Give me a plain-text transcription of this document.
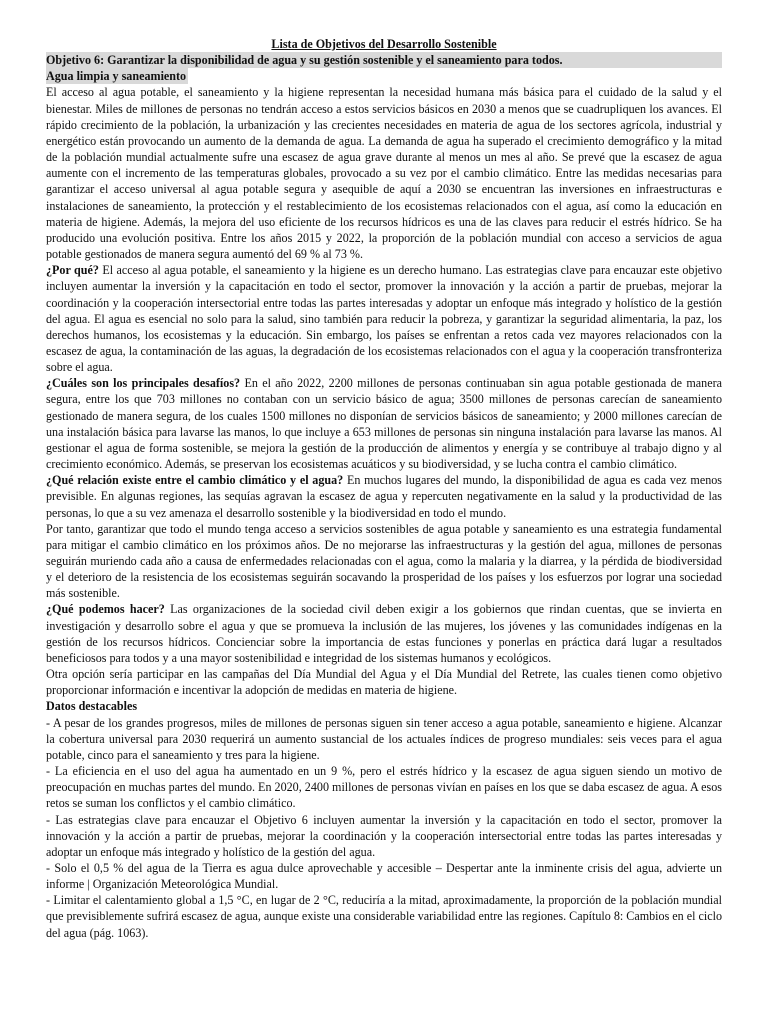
Lista de Objetivos del Desarrollo Sostenible

Objetivo 6: Garantizar la disponibilidad de agua y su gestión sostenible y el saneamiento para todos.

Agua limpia y saneamiento

El acceso al agua potable, el saneamiento y la higiene representan la necesidad humana más básica para el cuidado de la salud y el bienestar. Miles de millones de personas no tendrán acceso a estos servicios básicos en 2030 a menos que se cuadrupliquen los avances. El rápido crecimiento de la población, la urbanización y las crecientes necesidades en materia de agua de los sectores agrícola, industrial y energético están provocando un aumento de la demanda de agua. La demanda de agua ha superado el crecimiento demográfico y la mitad de la población mundial actualmente sufre una escasez de agua grave durante al menos un mes al año. Se prevé que la escasez de agua aumente con el incremento de las temperaturas globales, provocado a su vez por el cambio climático. Entre las medidas necesarias para garantizar el acceso universal al agua potable segura y asequible de aquí a 2030 se encuentran las inversiones en infraestructuras e instalaciones de saneamiento, la protección y el restablecimiento de los ecosistemas relacionados con el agua, así como la educación en materia de higiene. Además, la mejora del uso eficiente de los recursos hídricos es una de las claves para reducir el estrés hídrico. Se ha producido una evolución positiva. Entre los años 2015 y 2022, la proporción de la población mundial con acceso a servicios de agua potable gestionados de manera segura aumentó del 69 % al 73 %.

¿Por qué? El acceso al agua potable, el saneamiento y la higiene es un derecho humano. Las estrategias clave para encauzar este objetivo incluyen aumentar la inversión y la capacitación en todo el sector, promover la innovación y la acción a partir de pruebas, mejorar la coordinación y la cooperación intersectorial entre todas las partes interesadas y adoptar un enfoque más integrado y holístico de la gestión del agua. El agua es esencial no solo para la salud, sino también para reducir la pobreza, y garantizar la seguridad alimentaria, la paz, los derechos humanos, los ecosistemas y la educación. Sin embargo, los países se enfrentan a retos cada vez mayores relacionados con la escasez de agua, la contaminación de las aguas, la degradación de los ecosistemas relacionados con el agua y la cooperación transfronteriza sobre el agua.

¿Cuáles son los principales desafíos? En el año 2022, 2200 millones de personas continuaban sin agua potable gestionada de manera segura, entre los que 703 millones no contaban con un servicio básico de agua; 3500 millones de personas carecían de saneamiento gestionado de manera segura, de los cuales 1500 millones no disponían de servicios básicos de saneamiento; y 2000 millones carecían de una instalación básica para lavarse las manos, lo que incluye a 653 millones de personas sin ninguna instalación para lavarse las manos. Al gestionar el agua de forma sostenible, se mejora la gestión de la producción de alimentos y energía y se contribuye al trabajo digno y al crecimiento económico. Además, se preservan los ecosistemas acuáticos y su biodiversidad, y se lucha contra el cambio climático.

¿Qué relación existe entre el cambio climático y el agua? En muchos lugares del mundo, la disponibilidad de agua es cada vez menos previsible. En algunas regiones, las sequías agravan la escasez de agua y repercuten negativamente en la salud y la productividad de las personas, lo que a su vez amenaza el desarrollo sostenible y la biodiversidad en todo el mundo.

Por tanto, garantizar que todo el mundo tenga acceso a servicios sostenibles de agua potable y saneamiento es una estrategia fundamental para mitigar el cambio climático en los próximos años. De no mejorarse las infraestructuras y la gestión del agua, millones de personas seguirán muriendo cada año a causa de enfermedades relacionadas con el agua, como la malaria y la diarrea, y la pérdida de biodiversidad y el deterioro de la resistencia de los ecosistemas seguirán socavando la prosperidad de los países y los esfuerzos por lograr una sociedad más sostenible.

¿Qué podemos hacer? Las organizaciones de la sociedad civil deben exigir a los gobiernos que rindan cuentas, que se invierta en investigación y desarrollo sobre el agua y que se promueva la inclusión de las mujeres, los jóvenes y las comunidades indígenas en la gestión de los recursos hídricos. Concienciar sobre la importancia de estas funciones y ponerlas en práctica dará lugar a resultados beneficiosos para todos y a una mayor sostenibilidad e integridad de los sistemas humanos y ecológicos.

Otra opción sería participar en las campañas del Día Mundial del Agua y el Día Mundial del Retrete, las cuales tienen como objetivo proporcionar información e incentivar la adopción de medidas en materia de higiene.

Datos destacables

- A pesar de los grandes progresos, miles de millones de personas siguen sin tener acceso a agua potable, saneamiento e higiene. Alcanzar la cobertura universal para 2030 requerirá un aumento sustancial de los actuales índices de progreso mundiales: seis veces para el agua potable, cinco para el saneamiento y tres para la higiene.

- La eficiencia en el uso del agua ha aumentado en un 9 %, pero el estrés hídrico y la escasez de agua siguen siendo un motivo de preocupación en muchas partes del mundo. En 2020, 2400 millones de personas vivían en países en los que se daba escasez de agua. A esos retos se suman los conflictos y el cambio climático.

- Las estrategias clave para encauzar el Objetivo 6 incluyen aumentar la inversión y la capacitación en todo el sector, promover la innovación y la acción a partir de pruebas, mejorar la coordinación y la cooperación intersectorial entre todas las partes interesadas y adoptar un enfoque más integrado y holístico de la gestión del agua.

- Solo el 0,5 % del agua de la Tierra es agua dulce aprovechable y accesible – Despertar ante la inminente crisis del agua, advierte un informe | Organización Meteorológica Mundial.

- Limitar el calentamiento global a 1,5 °C, en lugar de 2 °C, reduciría a la mitad, aproximadamente, la proporción de la población mundial que previsiblemente sufrirá escasez de agua, aunque existe una considerable variabilidad entre las regiones. Capítulo 8: Cambios en el ciclo del agua (pág. 1063).
